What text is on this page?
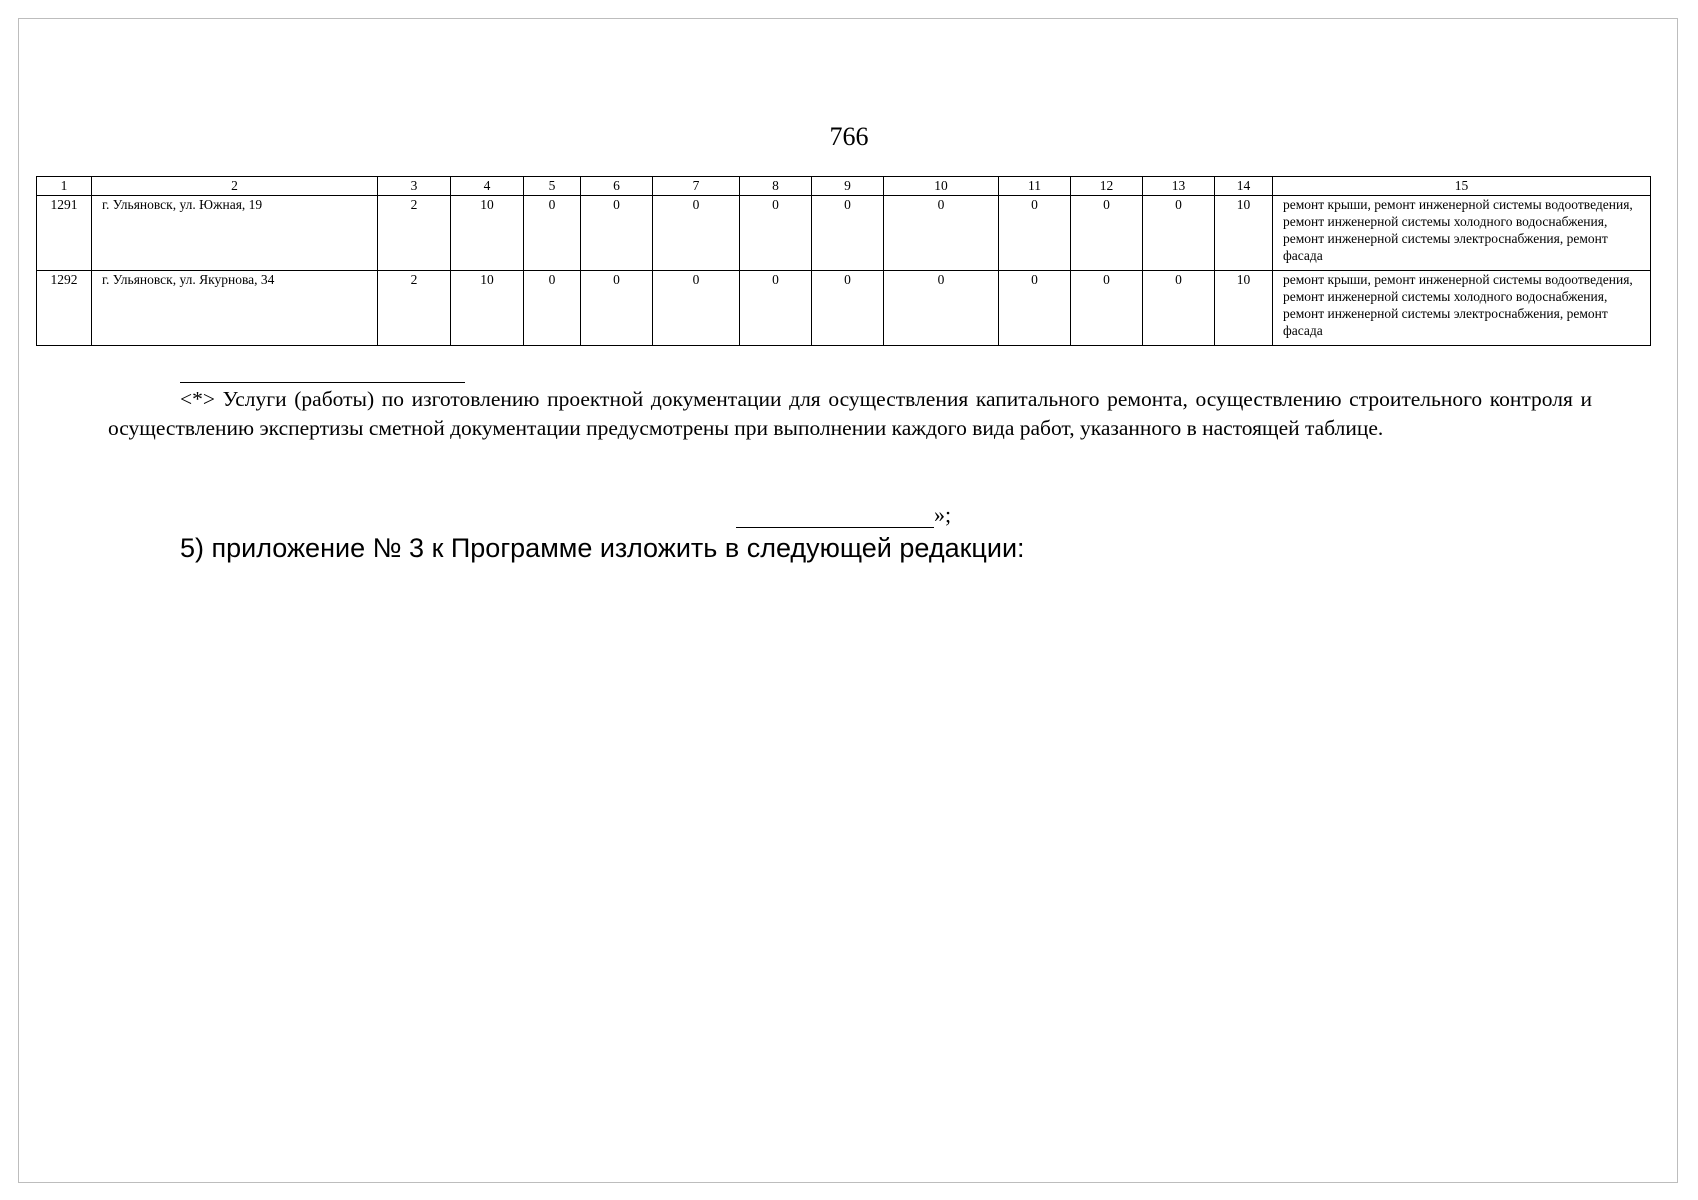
766
1	2	3	4	5	6	7	8	9	10	11	12	13	14	15
1291	г. Ульяновск, ул. Южная, 19	2	10	0	0	0	0	0	0	0	0	0	10	ремонт крыши, ремонт инженерной системы водоотведения, ремонт инженерной системы холодного водоснабжения, ремонт инженерной системы электроснабжения, ремонт фасада
1292	г. Ульяновск, ул. Якурнова, 34	2	10	0	0	0	0	0	0	0	0	0	10	ремонт крыши, ремонт инженерной системы водоотведения, ремонт инженерной системы холодного водоснабжения, ремонт инженерной системы электроснабжения, ремонт фасада

<*> Услуги (работы) по изготовлению проектной документации для осуществления капитального ремонта, осуществлению строительного контроля и осуществлению экспертизы сметной документации предусмотрены при выполнении каждого вида работ, указанного в настоящей таблице.

»;
5) приложение № 3 к Программе изложить в следующей редакции:
